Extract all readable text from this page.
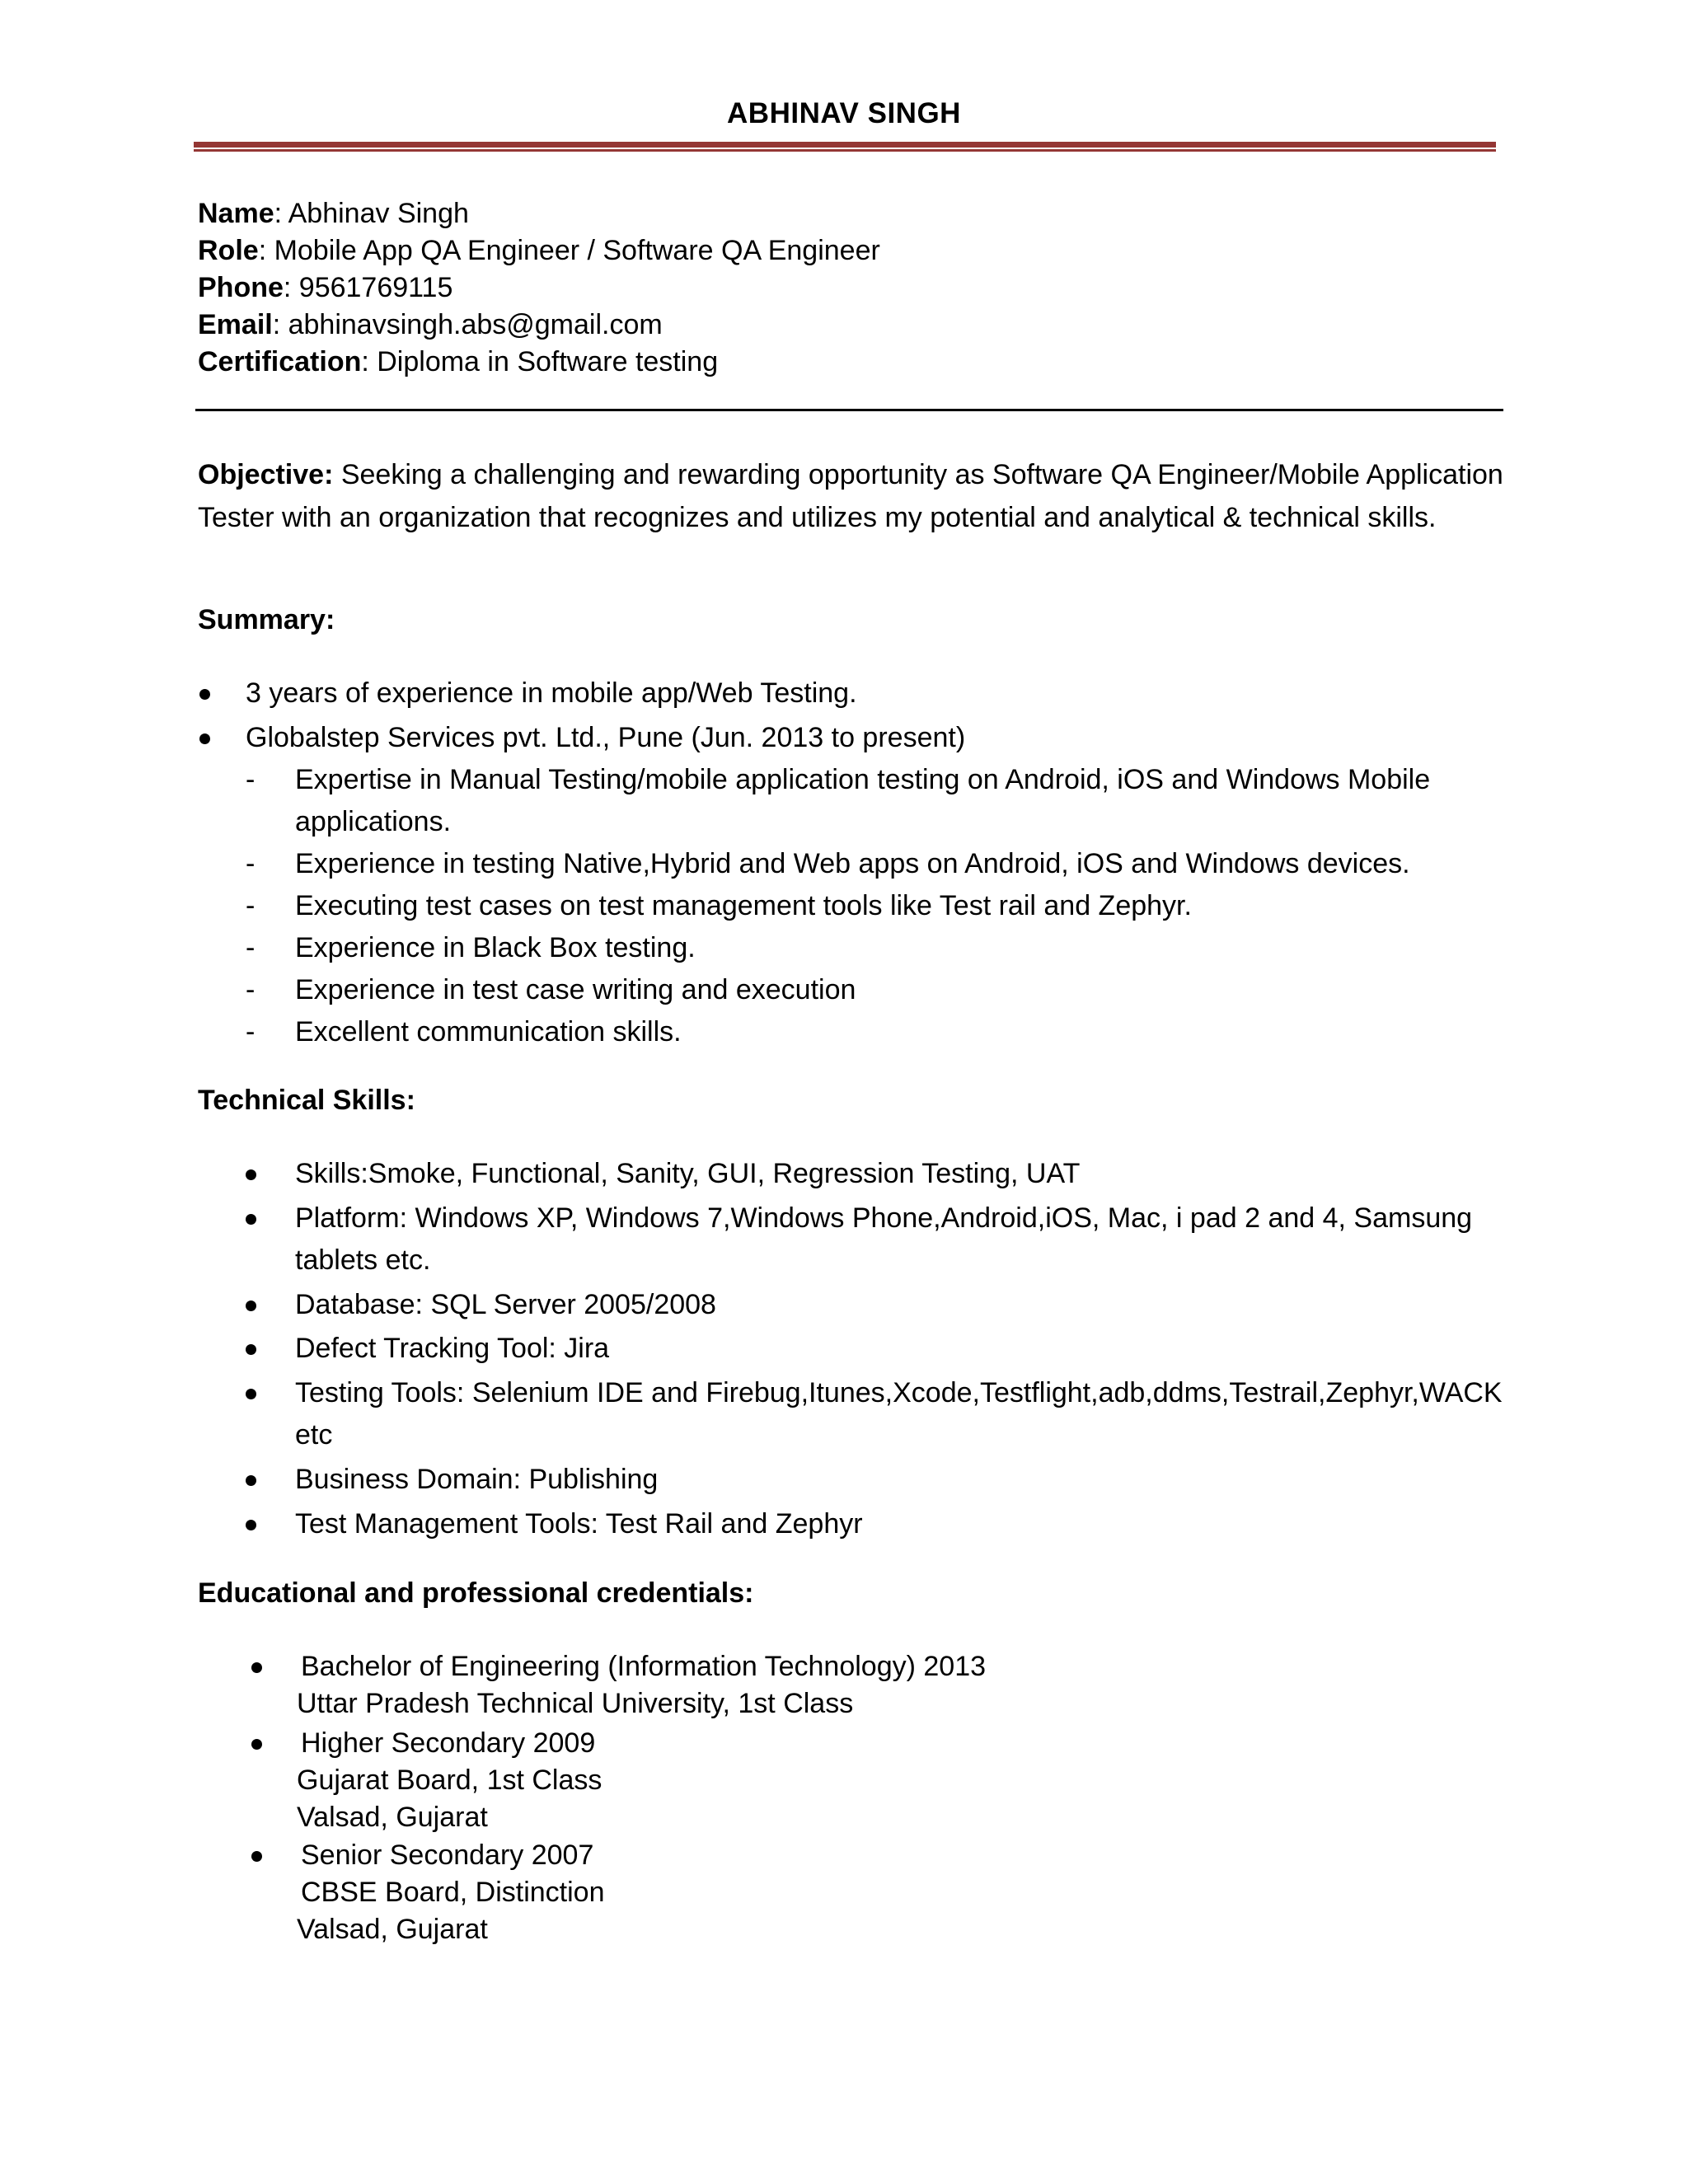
ABHINAV SINGH
Name: Abhinav Singh
Role: Mobile App QA Engineer / Software QA Engineer
Phone: 9561769115
Email: abhinavsingh.abs@gmail.com
Certification: Diploma in Software testing
Objective: Seeking a challenging and rewarding opportunity as Software QA Engineer/Mobile Application Tester with an organization that recognizes and utilizes my potential and analytical & technical skills.
Summary:
3 years of experience in mobile app/Web Testing.
Globalstep Services pvt. Ltd., Pune (Jun. 2013 to present)
- Expertise in Manual Testing/mobile application testing on Android, iOS and Windows Mobile
applications.
- Experience in testing Native,Hybrid and Web apps on Android, iOS and Windows devices.
- Executing test cases on test management tools like Test rail and Zephyr.
- Experience in Black Box testing.
- Experience in test case writing and execution
- Excellent communication skills.
Technical Skills:
Skills:Smoke, Functional, Sanity, GUI, Regression Testing, UAT
Platform: Windows XP, Windows 7,Windows Phone,Android,iOS, Mac, i pad 2 and 4, Samsung
tablets etc.
Database: SQL Server 2005/2008
Defect Tracking Tool: Jira
Testing Tools: Selenium IDE and Firebug,Itunes,Xcode,Testflight,adb,ddms,Testrail,Zephyr,WACK
etc
Business Domain: Publishing
Test Management Tools: Test Rail and Zephyr
Educational and professional credentials:
Bachelor of Engineering (Information Technology) 2013
Uttar Pradesh Technical University, 1st Class
Higher Secondary 2009
Gujarat Board, 1st Class
Valsad, Gujarat
Senior Secondary 2007
CBSE Board, Distinction
Valsad, Gujarat
